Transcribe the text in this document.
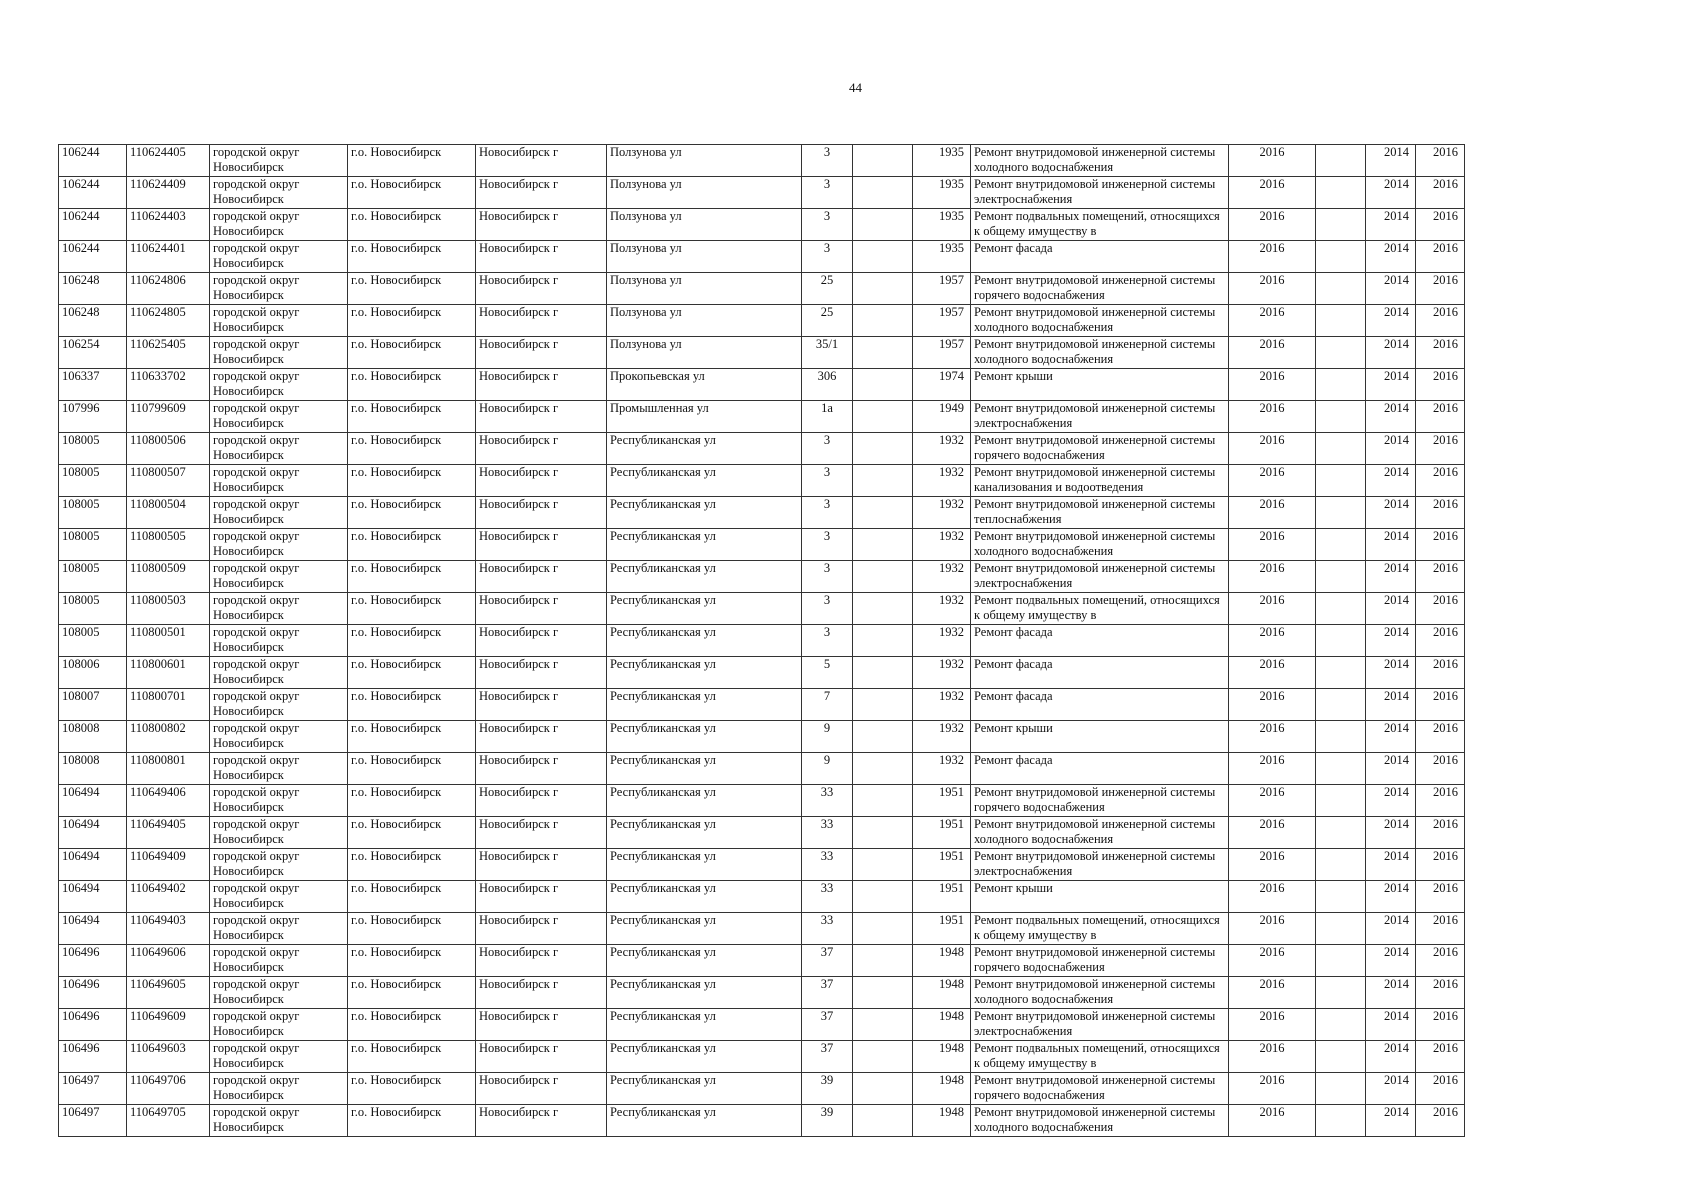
44
106244	110624405	городской округ Новосибирск	г.о. Новосибирск	Новосибирск г	Ползунова ул	3		1935	Ремонт внутридомовой инженерной системы холодного водоснабжения	2016		2014	2016

106244	110624409	городской округ Новосибирск	г.о. Новосибирск	Новосибирск г	Ползунова ул	3		1935	Ремонт внутридомовой инженерной системы электроснабжения	2016		2014	2016

106244	110624403	городской округ Новосибирск	г.о. Новосибирск	Новосибирск г	Ползунова ул	3		1935	Ремонт подвальных помещений, относящихся к общему имуществу в	2016		2014	2016

106244	110624401	городской округ Новосибирск	г.о. Новосибирск	Новосибирск г	Ползунова ул	3		1935	Ремонт фасада	2016		2014	2016

106248	110624806	городской округ Новосибирск	г.о. Новосибирск	Новосибирск г	Ползунова ул	25		1957	Ремонт внутридомовой инженерной системы горячего водоснабжения	2016		2014	2016

106248	110624805	городской округ Новосибирск	г.о. Новосибирск	Новосибирск г	Ползунова ул	25		1957	Ремонт внутридомовой инженерной системы холодного водоснабжения	2016		2014	2016

106254	110625405	городской округ Новосибирск	г.о. Новосибирск	Новосибирск г	Ползунова ул	35/1		1957	Ремонт внутридомовой инженерной системы холодного водоснабжения	2016		2014	2016

106337	110633702	городской округ Новосибирск	г.о. Новосибирск	Новосибирск г	Прокопьевская ул	306		1974	Ремонт крыши	2016		2014	2016

107996	110799609	городской округ Новосибирск	г.о. Новосибирск	Новосибирск г	Промышленная ул	1а		1949	Ремонт внутридомовой инженерной системы электроснабжения	2016		2014	2016

108005	110800506	городской округ Новосибирск	г.о. Новосибирск	Новосибирск г	Республиканская ул	3		1932	Ремонт внутридомовой инженерной системы горячего водоснабжения	2016		2014	2016

108005	110800507	городской округ Новосибирск	г.о. Новосибирск	Новосибирск г	Республиканская ул	3		1932	Ремонт внутридомовой инженерной системы канализования и водоотведения	2016		2014	2016

108005	110800504	городской округ Новосибирск	г.о. Новосибирск	Новосибирск г	Республиканская ул	3		1932	Ремонт внутридомовой инженерной системы теплоснабжения	2016		2014	2016

108005	110800505	городской округ Новосибирск	г.о. Новосибирск	Новосибирск г	Республиканская ул	3		1932	Ремонт внутридомовой инженерной системы холодного водоснабжения	2016		2014	2016

108005	110800509	городской округ Новосибирск	г.о. Новосибирск	Новосибирск г	Республиканская ул	3		1932	Ремонт внутридомовой инженерной системы электроснабжения	2016		2014	2016

108005	110800503	городской округ Новосибирск	г.о. Новосибирск	Новосибирск г	Республиканская ул	3		1932	Ремонт подвальных помещений, относящихся к общему имуществу в	2016		2014	2016

108005	110800501	городской округ Новосибирск	г.о. Новосибирск	Новосибирск г	Республиканская ул	3		1932	Ремонт фасада	2016		2014	2016

108006	110800601	городской округ Новосибирск	г.о. Новосибирск	Новосибирск г	Республиканская ул	5		1932	Ремонт фасада	2016		2014	2016

108007	110800701	городской округ Новосибирск	г.о. Новосибирск	Новосибирск г	Республиканская ул	7		1932	Ремонт фасада	2016		2014	2016

108008	110800802	городской округ Новосибирск	г.о. Новосибирск	Новосибирск г	Республиканская ул	9		1932	Ремонт крыши	2016		2014	2016

108008	110800801	городской округ Новосибирск	г.о. Новосибирск	Новосибирск г	Республиканская ул	9		1932	Ремонт фасада	2016		2014	2016

106494	110649406	городской округ Новосибирск	г.о. Новосибирск	Новосибирск г	Республиканская ул	33		1951	Ремонт внутридомовой инженерной системы горячего водоснабжения	2016		2014	2016

106494	110649405	городской округ Новосибирск	г.о. Новосибирск	Новосибирск г	Республиканская ул	33		1951	Ремонт внутридомовой инженерной системы холодного водоснабжения	2016		2014	2016

106494	110649409	городской округ Новосибирск	г.о. Новосибирск	Новосибирск г	Республиканская ул	33		1951	Ремонт внутридомовой инженерной системы электроснабжения	2016		2014	2016

106494	110649402	городской округ Новосибирск	г.о. Новосибирск	Новосибирск г	Республиканская ул	33		1951	Ремонт крыши	2016		2014	2016

106494	110649403	городской округ Новосибирск	г.о. Новосибирск	Новосибирск г	Республиканская ул	33		1951	Ремонт подвальных помещений, относящихся к общему имуществу в	2016		2014	2016

106496	110649606	городской округ Новосибирск	г.о. Новосибирск	Новосибирск г	Республиканская ул	37		1948	Ремонт внутридомовой инженерной системы горячего водоснабжения	2016		2014	2016

106496	110649605	городской округ Новосибирск	г.о. Новосибирск	Новосибирск г	Республиканская ул	37		1948	Ремонт внутридомовой инженерной системы холодного водоснабжения	2016		2014	2016

106496	110649609	городской округ Новосибирск	г.о. Новосибирск	Новосибирск г	Республиканская ул	37		1948	Ремонт внутридомовой инженерной системы электроснабжения	2016		2014	2016

106496	110649603	городской округ Новосибирск	г.о. Новосибирск	Новосибирск г	Республиканская ул	37		1948	Ремонт подвальных помещений, относящихся к общему имуществу в	2016		2014	2016

106497	110649706	городской округ Новосибирск	г.о. Новосибирск	Новосибирск г	Республиканская ул	39		1948	Ремонт внутридомовой инженерной системы горячего водоснабжения	2016		2014	2016

106497	110649705	городской округ Новосибирск	г.о. Новосибирск	Новосибирск г	Республиканская ул	39		1948	Ремонт внутридомовой инженерной системы холодного водоснабжения	2016		2014	2016
